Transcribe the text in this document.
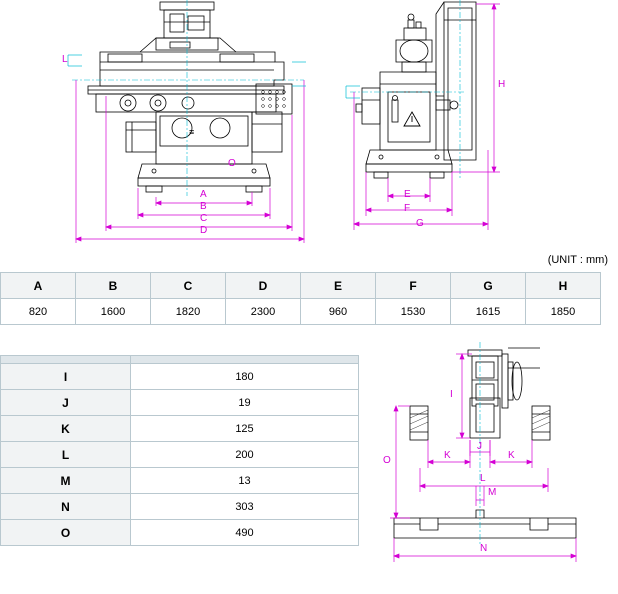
≡
A
B
C
D
E
F
G
H
(UNIT : mm)
A	B	C	D	E	F	G	H
820	1600	1820	2300	960	1530	1615	1850

I	180
J	19
K	125
L	200
M	13
N	303
O	490
I
J
K	K
L
M
N
O
L
O
